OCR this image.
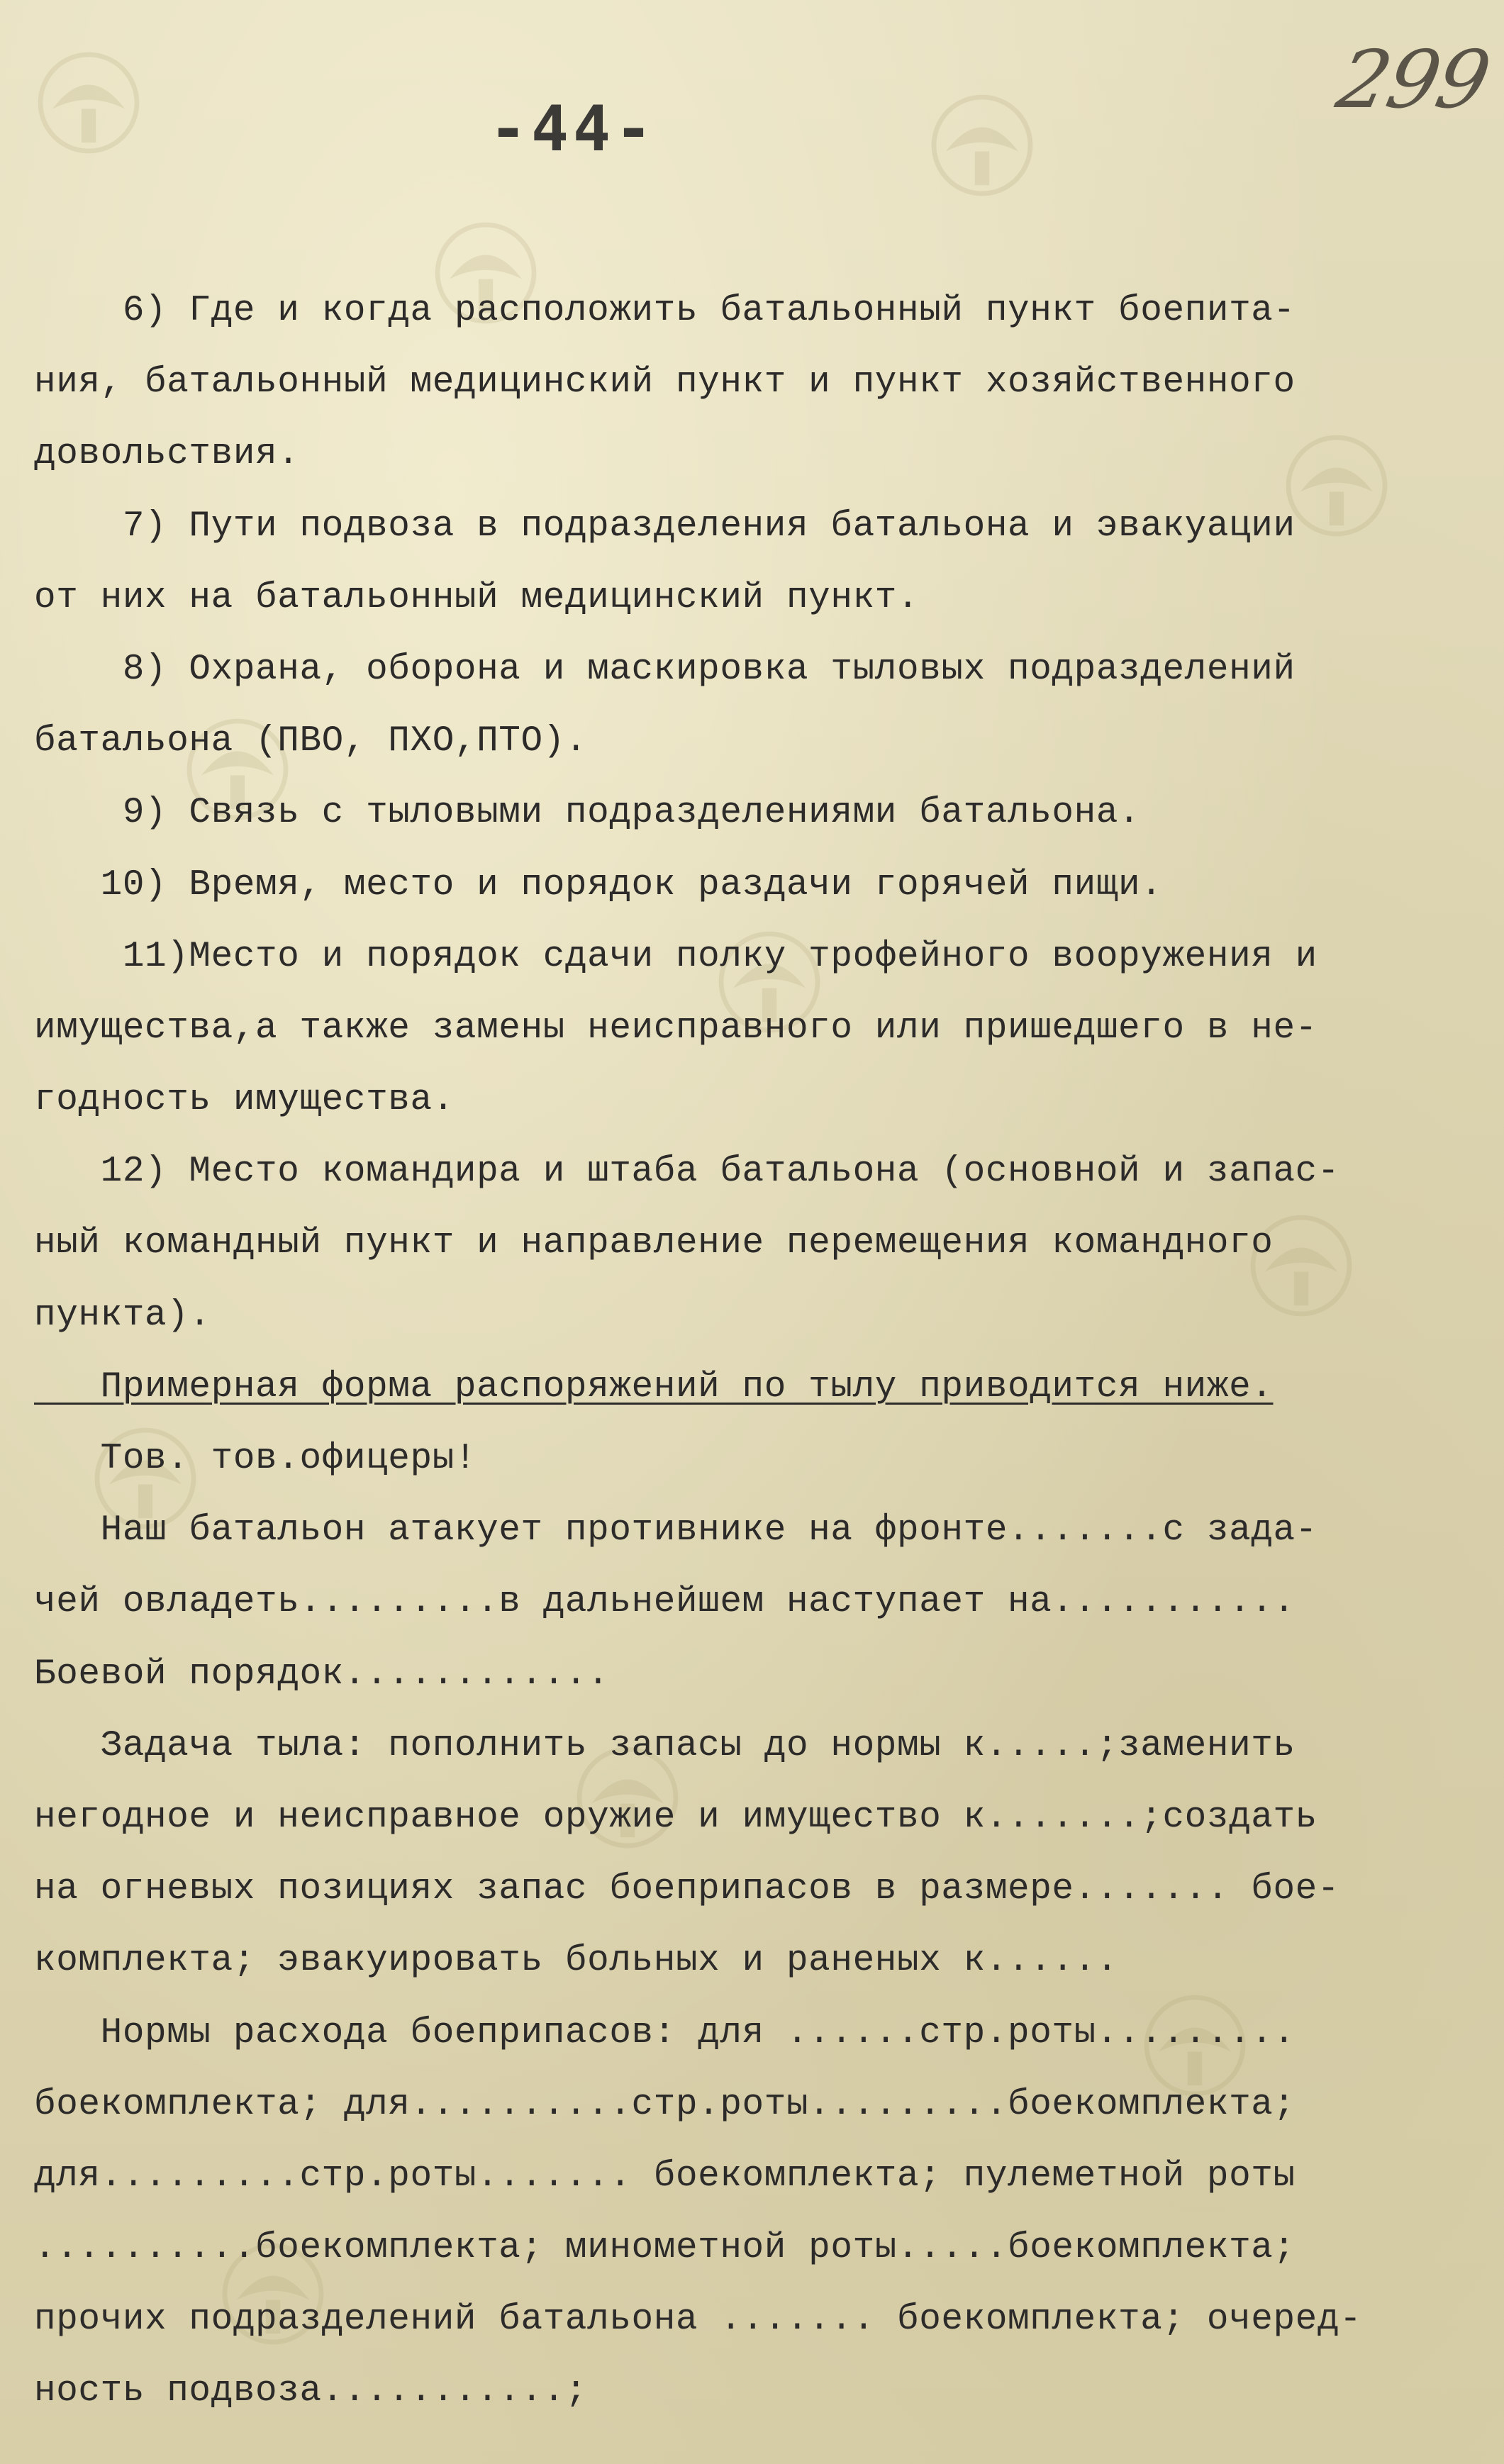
299

-44-

6) Где и когда расположить батальонный пункт боепита-
ния, батальонный медицинский пункт и пункт хозяйственного
довольствия.
7) Пути подвоза в подразделения батальона и эвакуации
от них на батальонный медицинский пункт.
8) Охрана, оборона и маскировка тыловых подразделений
батальона (ПВО, ПХО,ПТО).
9) Связь с тыловыми подразделениями батальона.
10) Время, место и порядок раздачи горячей пищи.
11)Место и порядок сдачи полку трофейного вооружения и
имущества,а также замены неисправного или пришедшего в не-
годность имущества.
12) Место командира и штаба батальона (основной и запас-
ный командный пункт и направление перемещения командного
пункта).
Примерная форма распоряжений по тылу приводится ниже.
Тов. тов.офицеры!
Наш батальон атакует противнике на фронте.......с зада-
чей овладеть.........в дальнейшем наступает на...........
Боевой порядок............
Задача тыла: пополнить запасы до нормы к.....;заменить
негодное и неисправное оружие и имущество к.......;создать
на огневых позициях запас боеприпасов в размере....... бое-
комплекта; эвакуировать больных и раненых к......
Нормы расхода боеприпасов: для ......стр.роты.........
боекомплекта; для..........стр.роты.........боекомплекта;
для.........стр.роты....... боекомплекта; пулеметной роты
..........боекомплекта; минометной роты.....боекомплекта;
прочих подразделений батальона ....... боекомплекта; очеред-
ность подвоза...........;
